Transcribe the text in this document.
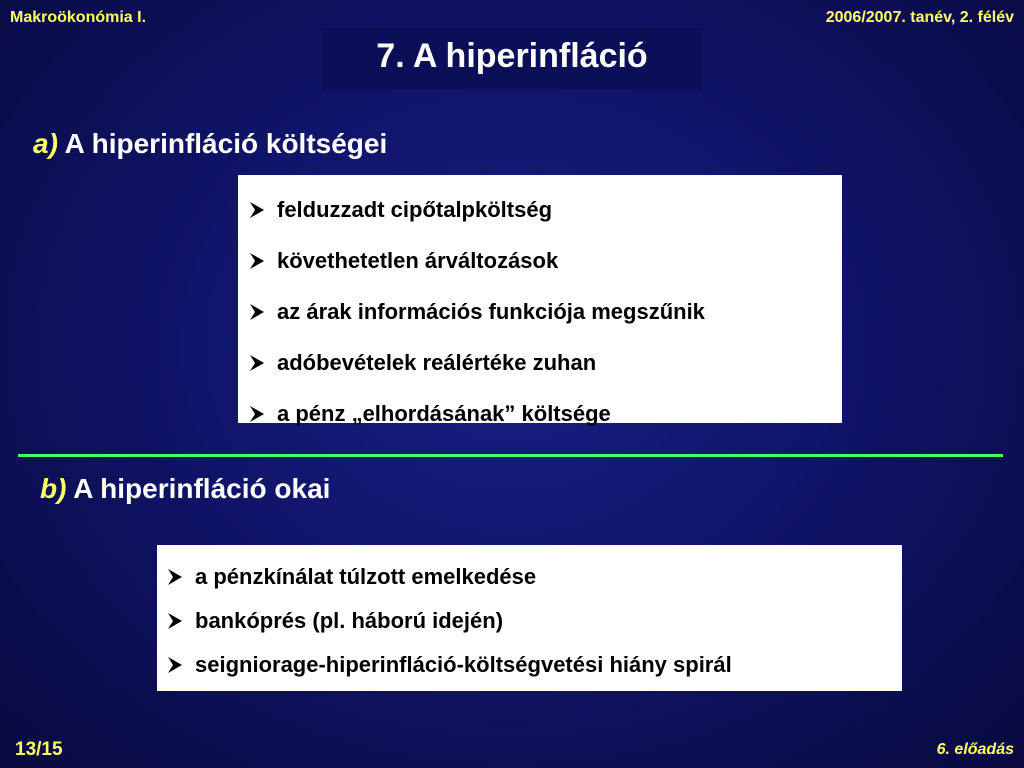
Makroökonómia I.	2006/2007. tanév, 2. félév
7. A hiperinfláció
a) A hiperinfláció költségei
felduzzadt cipőtalpköltség
követhetetlen árváltozások
az árak információs funkciója megszűnik
adóbevételek reálértéke zuhan
a pénz „elhordásának” költsége
b) A hiperinfláció okai
a pénzkínálat túlzott emelkedése
bankóprés (pl. háború idején)
seigniorage-hiperinfláció-költségvetési hiány spirál
13/15	6. előadás
